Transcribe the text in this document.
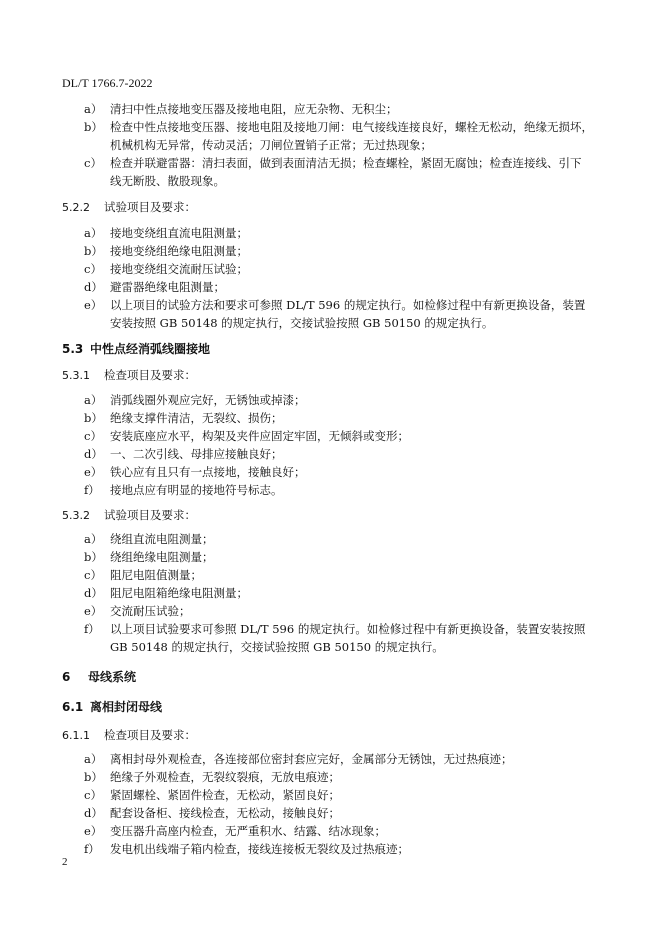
DL/T 1766.7-2022
a） 清扫中性点接地变压器及接地电阻，应无杂物、无积尘；
b） 检查中性点接地变压器、接地电阻及接地刀闸：电气接线连接良好，螺栓无松动，绝缘无损坏，
机械机构无异常，传动灵活；刀闸位置销子正常；无过热现象；
c） 检查并联避雷器：清扫表面，做到表面清洁无损；检查螺栓，紧固无腐蚀；检查连接线、引下
线无断股、散股现象。
5.2.2 试验项目及要求：
a） 接地变绕组直流电阻测量；
b） 接地变绕组绝缘电阻测量；
c） 接地变绕组交流耐压试验；
d） 避雷器绝缘电阻测量；
e） 以上项目的试验方法和要求可参照 DL/T 596 的规定执行。如检修过程中有新更换设备，装置
安装按照 GB 50148 的规定执行，交接试验按照 GB 50150 的规定执行。
5.3 中性点经消弧线圈接地
5.3.1 检查项目及要求：
a） 消弧线圈外观应完好，无锈蚀或掉漆；
b） 绝缘支撑件清洁，无裂纹、损伤；
c） 安装底座应水平，构架及夹件应固定牢固，无倾斜或变形；
d） 一、二次引线、母排应接触良好；
e） 铁心应有且只有一点接地，接触良好；
f） 接地点应有明显的接地符号标志。
5.3.2 试验项目及要求：
a） 绕组直流电阻测量；
b） 绕组绝缘电阻测量；
c） 阻尼电阻值测量；
d） 阻尼电阻箱绝缘电阻测量；
e） 交流耐压试验；
f） 以上项目试验要求可参照 DL/T 596 的规定执行。如检修过程中有新更换设备，装置安装按照
GB 50148 的规定执行，交接试验按照 GB 50150 的规定执行。
6 母线系统
6.1 离相封闭母线
6.1.1 检查项目及要求：
a） 离相封母外观检查，各连接部位密封套应完好，金属部分无锈蚀，无过热痕迹；
b） 绝缘子外观检查，无裂纹裂痕，无放电痕迹；
c） 紧固螺栓、紧固件检查，无松动，紧固良好；
d） 配套设备柜、接线检查，无松动，接触良好；
e） 变压器升高座内检查，无严重积水、结露、结冰现象；
f） 发电机出线端子箱内检查，接线连接板无裂纹及过热痕迹；
2
